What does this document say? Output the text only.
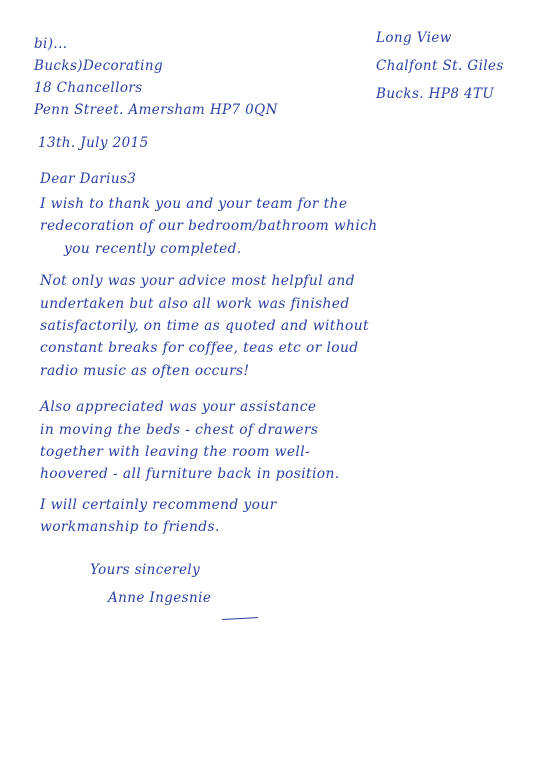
bi)...
Bucks)Decorating
18 Chancellors
Penn Street. Amersham HP7 0QN
Long View
Chalfont St. Giles
Bucks. HP8 4TU
13th. July 2015
Dear Darius3
I wish to thank you and your team for the
redecoration of our bedroom/bathroom which
you recently completed.
Not only was your advice most helpful and
undertaken but also all work was finished
satisfactorily, on time as quoted and without
constant breaks for coffee, teas etc or loud
radio music as often occurs!
Also appreciated was your assistance
in moving the beds - chest of drawers
together with leaving the room well-
hoovered - all furniture back in position.
I will certainly recommend your
workmanship to friends.
Yours sincerely
Anne Ingesnie
